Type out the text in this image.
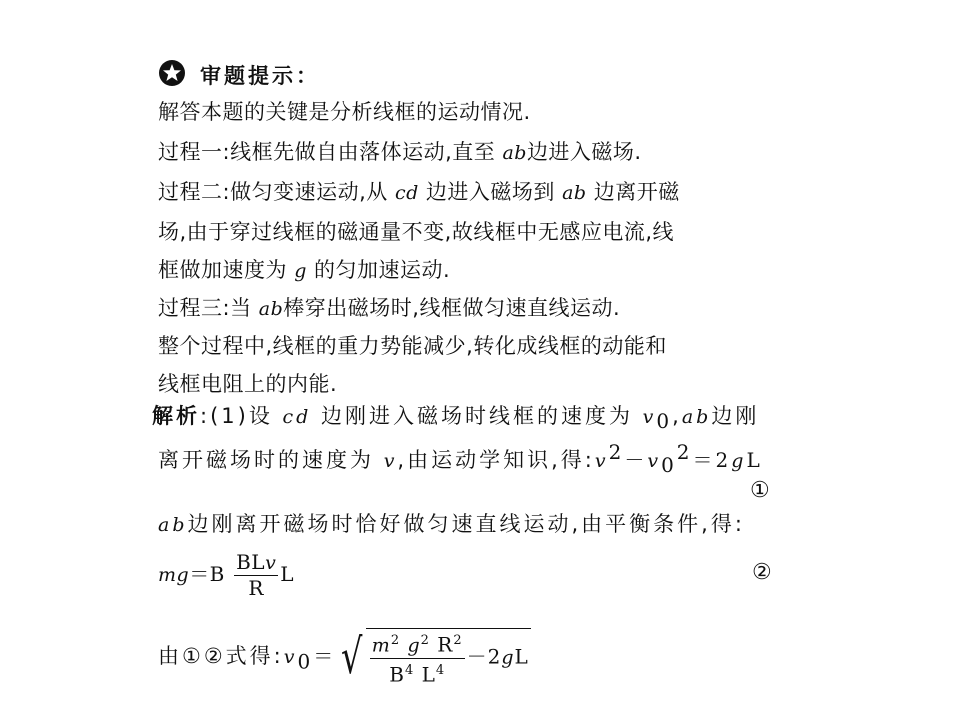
审题提示：
解答本题的关键是分析线框的运动情况.
过程一:线框先做自由落体运动,直至 ab边进入磁场.
过程二:做匀变速运动,从 cd 边进入磁场到 ab 边离开磁
场,由于穿过线框的磁通量不变,故线框中无感应电流,线
框做加速度为 g 的匀加速运动.
过程三:当 ab棒穿出磁场时,线框做匀速直线运动.
整个过程中,线框的重力势能减少,转化成线框的动能和
线框电阻上的内能.
解析:(1)设 cd 边刚进入磁场时线框的速度为 $v_0,ab$边刚
离开磁场时的速度为 v,由运动学知识,得$:v^2-v_0^2=2gL$
①
ab边刚离开磁场时恰好做匀速直线运动,由平衡条件,得:
$mg=B \frac{\text{BLv}}{R}$ L	②
由①②式得$:v_0=$ √ $\frac{m^2 g^2 R^2}{B^4 L^4} -2gL$
